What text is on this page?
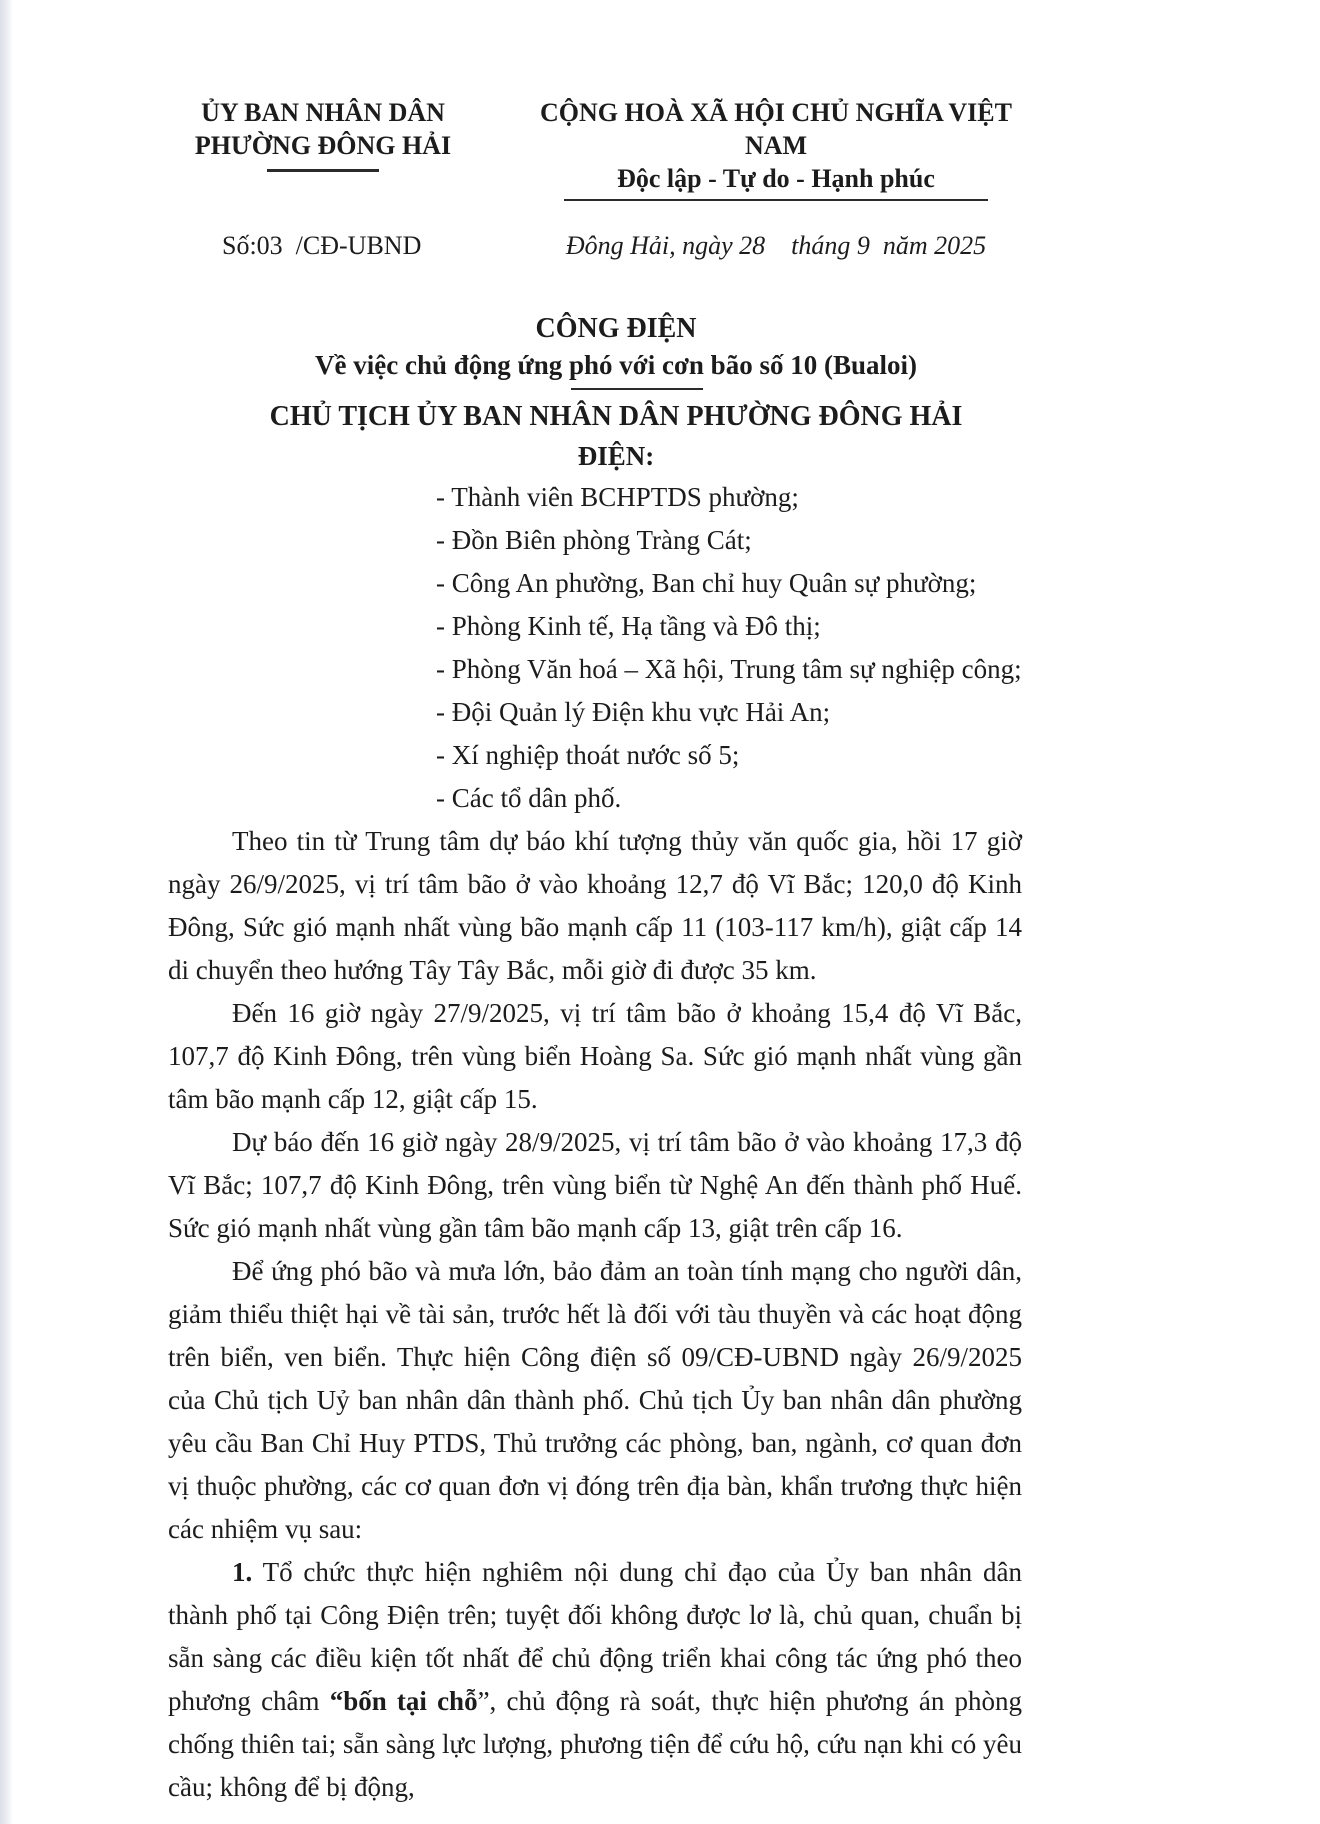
ỦY BAN NHÂN DÂN
PHƯỜNG ĐÔNG HẢI
CỘNG HOÀ XÃ HỘI CHỦ NGHĨA VIỆT NAM
Độc lập - Tự do - Hạnh phúc
Số:03  /CĐ-UBND	Đông Hải, ngày 28    tháng 9  năm 2025
CÔNG ĐIỆN
Về việc chủ động ứng phó với cơn bão số 10 (Bualoi)
CHỦ TỊCH ỦY BAN NHÂN DÂN PHƯỜNG ĐÔNG HẢI
ĐIỆN:
- Thành viên BCHPTDS phường;
- Đồn Biên phòng Tràng Cát;
- Công An phường, Ban chỉ huy Quân sự phường;
- Phòng Kinh tế, Hạ tầng và Đô thị;
- Phòng Văn hoá – Xã hội, Trung tâm sự nghiệp công;
- Đội Quản lý Điện khu vực Hải An;
- Xí nghiệp thoát nước số 5;
- Các tổ dân phố.
Theo tin từ Trung tâm dự báo khí tượng thủy văn quốc gia, hồi 17 giờ ngày 26/9/2025, vị trí tâm bão ở vào khoảng 12,7 độ Vĩ Bắc; 120,0 độ Kinh Đông, Sức gió mạnh nhất vùng bão mạnh cấp 11 (103-117 km/h), giật cấp 14 di chuyển theo hướng Tây Tây Bắc, mỗi giờ đi được 35 km.
Đến 16 giờ ngày 27/9/2025, vị trí tâm bão ở khoảng 15,4 độ Vĩ Bắc, 107,7 độ Kinh Đông, trên vùng biển Hoàng Sa. Sức gió mạnh nhất vùng gần tâm bão mạnh cấp 12, giật cấp 15.
Dự báo đến 16 giờ ngày 28/9/2025, vị trí tâm bão ở vào khoảng 17,3 độ Vĩ Bắc; 107,7 độ Kinh Đông, trên vùng biển từ Nghệ An đến thành phố Huế. Sức gió mạnh nhất vùng gần tâm bão mạnh cấp 13, giật trên cấp 16.
Để ứng phó bão và mưa lớn, bảo đảm an toàn tính mạng cho người dân, giảm thiểu thiệt hại về tài sản, trước hết là đối với tàu thuyền và các hoạt động trên biển, ven biển. Thực hiện Công điện số 09/CĐ-UBND ngày 26/9/2025 của Chủ tịch Uỷ ban nhân dân thành phố. Chủ tịch Ủy ban nhân dân phường yêu cầu Ban Chỉ Huy PTDS, Thủ trưởng các phòng, ban, ngành, cơ quan đơn vị thuộc phường, các cơ quan đơn vị đóng trên địa bàn, khẩn trương thực hiện các nhiệm vụ sau:
1. Tổ chức thực hiện nghiêm nội dung chỉ đạo của Ủy ban nhân dân thành phố tại Công Điện trên; tuyệt đối không được lơ là, chủ quan, chuẩn bị sẵn sàng các điều kiện tốt nhất để chủ động triển khai công tác ứng phó theo phương châm “bốn tại chỗ”, chủ động rà soát, thực hiện phương án phòng chống thiên tai; sẵn sàng lực lượng, phương tiện để cứu hộ, cứu nạn khi có yêu cầu; không để bị động,
